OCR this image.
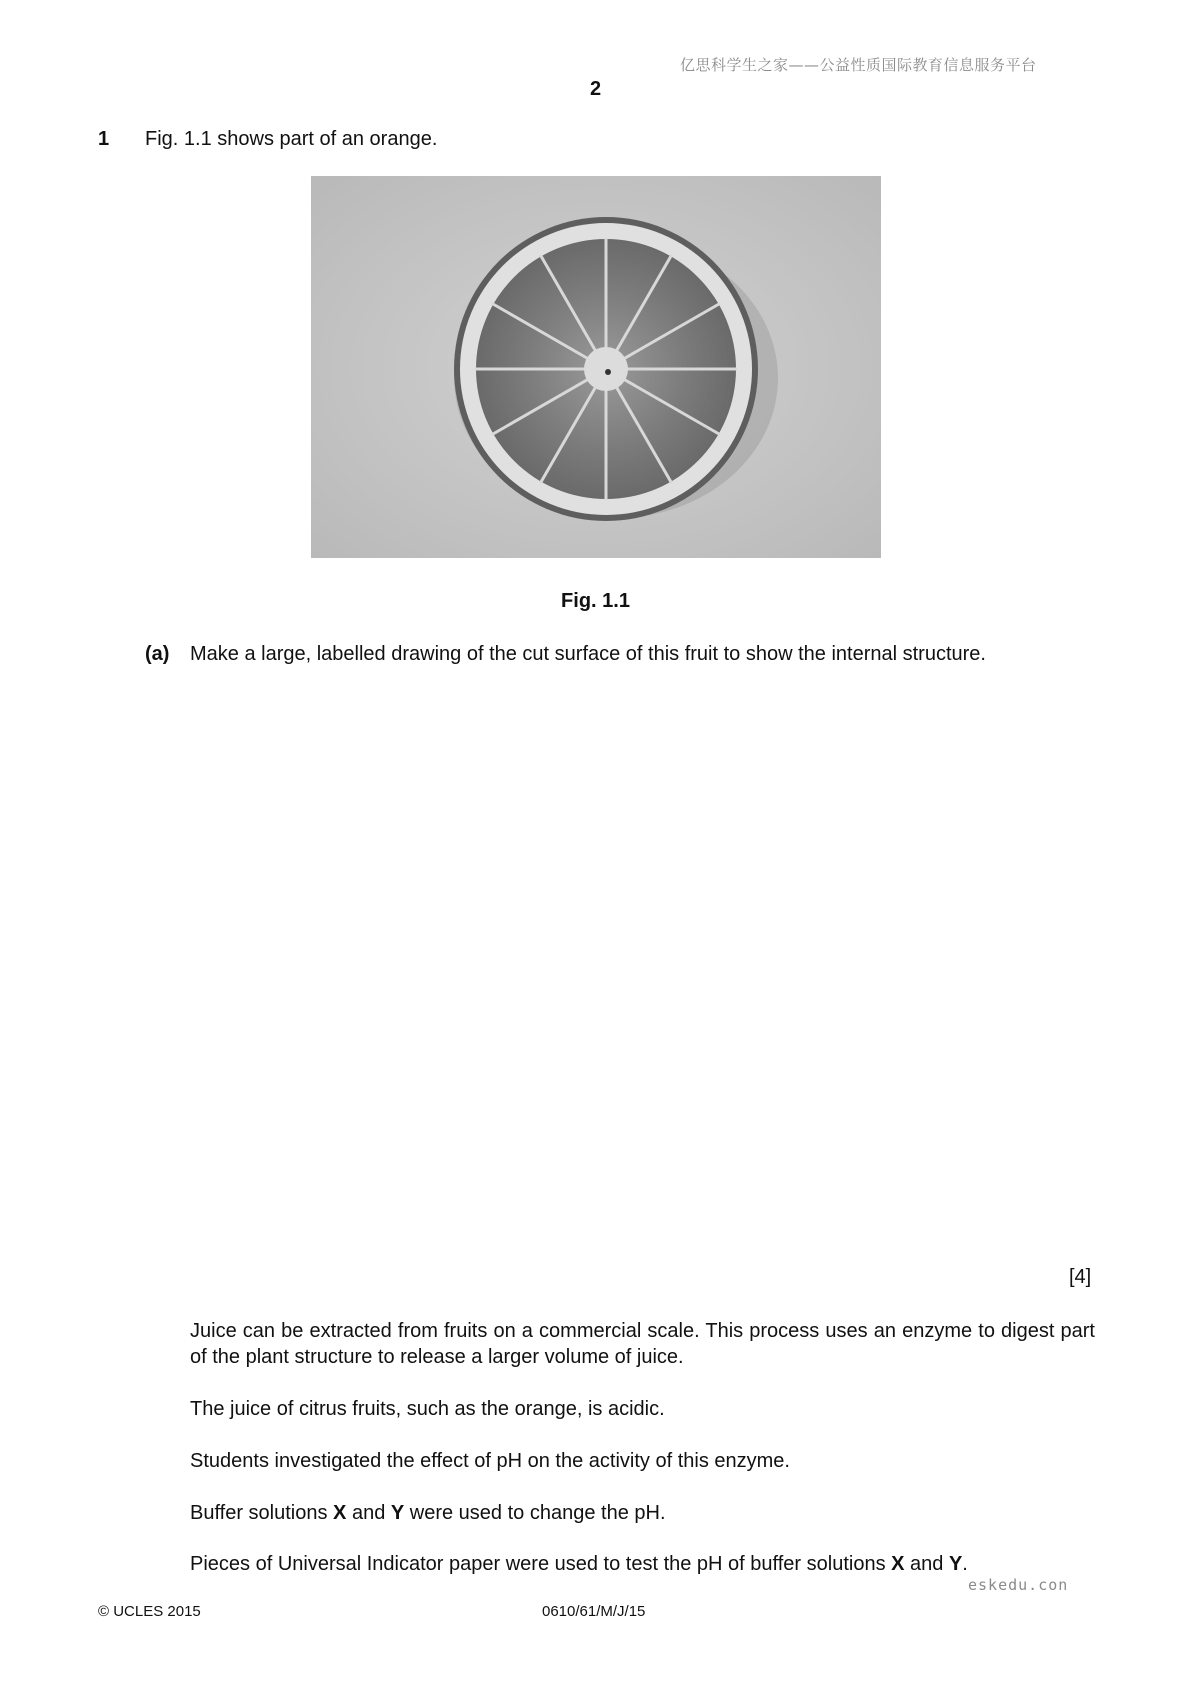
亿思科学生之家——公益性质国际教育信息服务平台
2
1 Fig. 1.1 shows part of an orange.
Fig. 1.1
(a) Make a large, labelled drawing of the cut surface of this fruit to show the internal structure.
[4]
Juice can be extracted from fruits on a commercial scale. This process uses an enzyme to digest part of the plant structure to release a larger volume of juice.
The juice of citrus fruits, such as the orange, is acidic.
Students investigated the effect of pH on the activity of this enzyme.
Buffer solutions X and Y were used to change the pH.
Pieces of Universal Indicator paper were used to test the pH of buffer solutions X and Y.
eskedu.con
© UCLES 2015	0610/61/M/J/15
